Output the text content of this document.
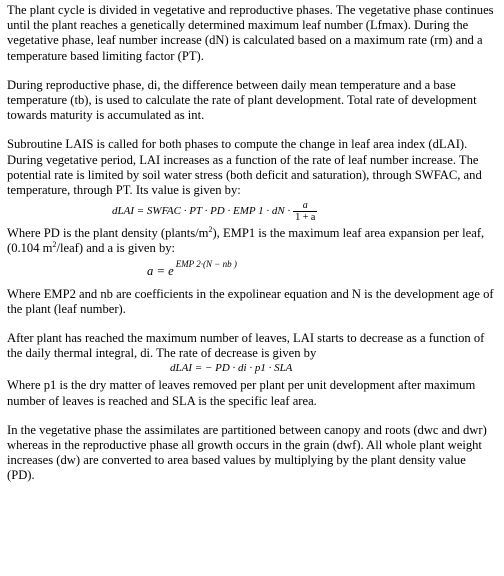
The plant cycle is divided in vegetative and reproductive phases. The vegetative phase continues until the plant reaches a genetically determined maximum leaf number (Lfmax). During the vegetative phase, leaf number increase (dN) is calculated based on a maximum rate (rm) and a temperature based limiting factor (PT).

During reproductive phase, di, the difference between daily mean temperature and a base temperature (tb), is used to calculate the rate of plant development. Total rate of development towards maturity is accumulated as int.

Subroutine LAIS is called for both phases to compute the change in leaf area index (dLAI). During vegetative period, LAI increases as a function of the rate of leaf number increase. The potential rate is limited by soil water stress (both deficit and saturation), through SWFAC, and temperature, through PT. Its value is given by:

dLAI = SWFAC · PT · PD · EMP 1 · dN · $\frac{a}{1 + a}$

Where PD is the plant density $(plants/m^2)$, EMP1 is the maximum leaf area expansion per leaf, (0.104 $m^2/leaf$) and a is given by:

a = e EMP 2·(N − nb )

Where EMP2 and nb are coefficients in the expolinear equation and N is the development age of the plant (leaf number).

After plant has reached the maximum number of leaves, LAI starts to decrease as a function of the daily thermal integral, di. The rate of decrease is given by

dLAI = − PD · di · p1 · SLA

Where p1 is the dry matter of leaves removed per plant per unit development after maximum number of leaves is reached and SLA is the specific leaf area.

In the vegetative phase the assimilates are partitioned between canopy and roots (dwc and dwr) whereas in the reproductive phase all growth occurs in the grain (dwf). All whole plant weight increases (dw) are converted to area based values by multiplying by the plant density value (PD).
